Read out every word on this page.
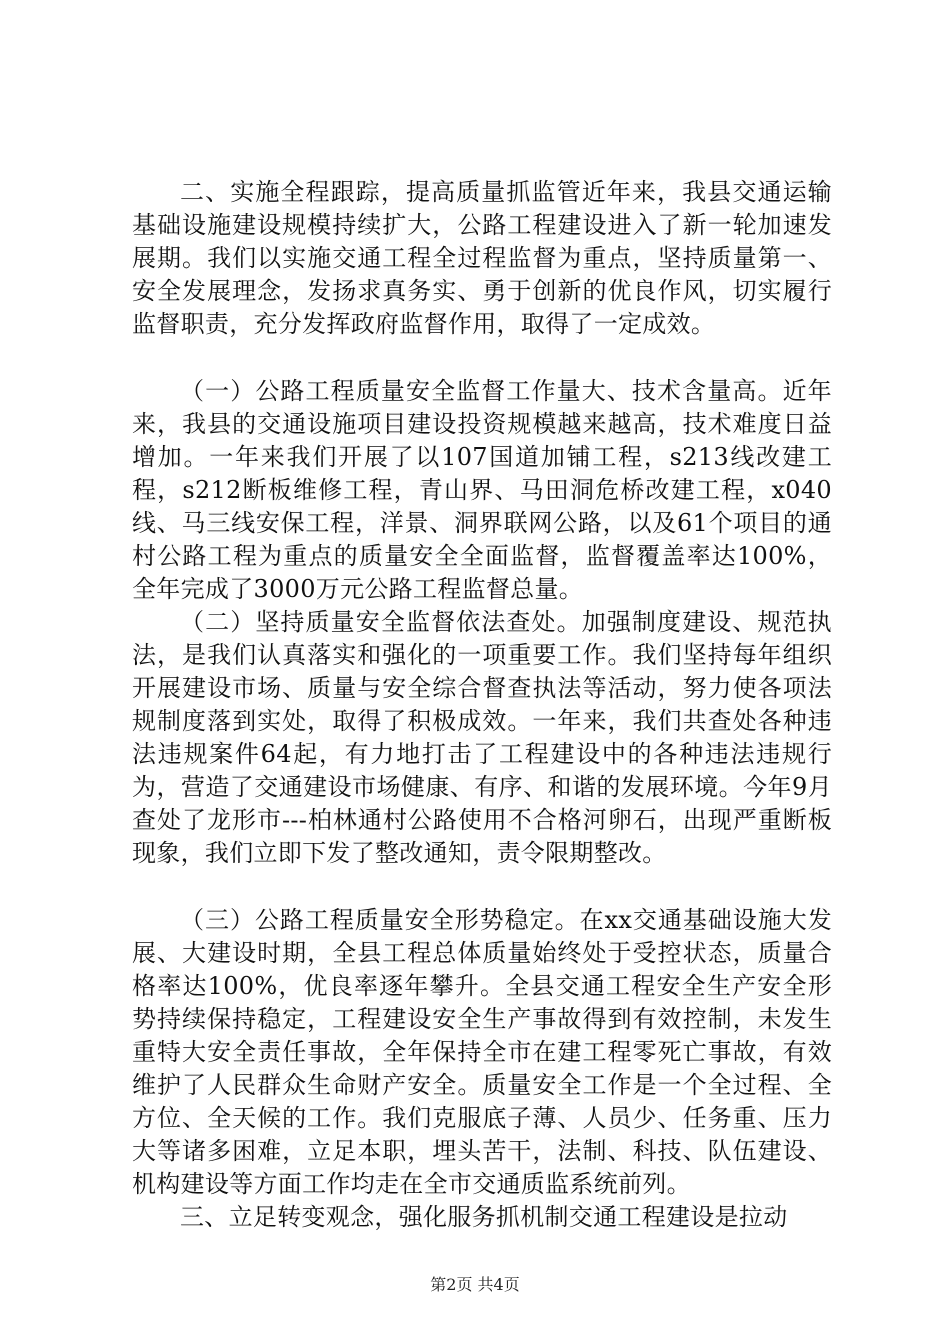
二、实施全程跟踪，提高质量抓监管近年来，我县交通运输基础设施建设规模持续扩大，公路工程建设进入了新一轮加速发展期。我们以实施交通工程全过程监督为重点，坚持质量第一、安全发展理念，发扬求真务实、勇于创新的优良作风，切实履行监督职责，充分发挥政府监督作用，取得了一定成效。

（一）公路工程质量安全监督工作量大、技术含量高。近年来，我县的交通设施项目建设投资规模越来越高，技术难度日益增加。一年来我们开展了以107国道加铺工程，s213线改建工程，s212断板维修工程，青山界、马田洞危桥改建工程，x040线、马三线安保工程，洋景、洞界联网公路，以及61个项目的通村公路工程为重点的质量安全全面监督，监督覆盖率达100%，全年完成了3000万元公路工程监督总量。

（二）坚持质量安全监督依法查处。加强制度建设、规范执法，是我们认真落实和强化的一项重要工作。我们坚持每年组织开展建设市场、质量与安全综合督查执法等活动，努力使各项法规制度落到实处，取得了积极成效。一年来，我们共查处各种违法违规案件64起，有力地打击了工程建设中的各种违法违规行为，营造了交通建设市场健康、有序、和谐的发展环境。今年9月查处了龙形市---柏林通村公路使用不合格河卵石，出现严重断板现象，我们立即下发了整改通知，责令限期整改。

（三）公路工程质量安全形势稳定。在xx交通基础设施大发展、大建设时期，全县工程总体质量始终处于受控状态，质量合格率达100%，优良率逐年攀升。全县交通工程安全生产安全形势持续保持稳定，工程建设安全生产事故得到有效控制，未发生重特大安全责任事故，全年保持全市在建工程零死亡事故，有效维护了人民群众生命财产安全。质量安全工作是一个全过程、全方位、全天候的工作。我们克服底子薄、人员少、任务重、压力大等诸多困难，立足本职，埋头苦干，法制、科技、队伍建设、机构建设等方面工作均走在全市交通质监系统前列。

三、立足转变观念，强化服务抓机制交通工程建设是拉动

第2页 共4页
